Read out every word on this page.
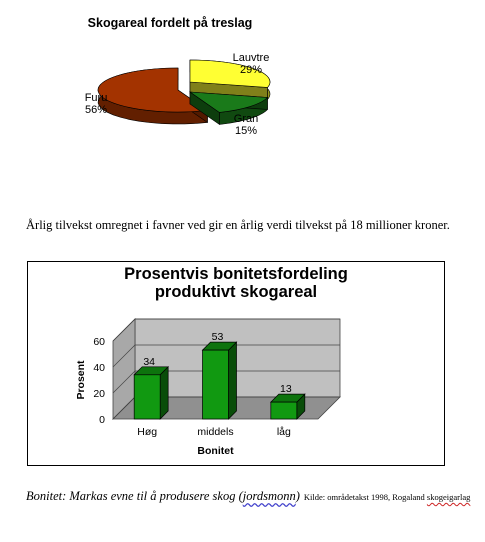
Skogareal fordelt på treslag
Lauvtre
29%
Gran
15%
Furu
56%
Årlig tilvekst omregnet i favner ved gir en årlig verdi tilvekst på 18 millioner kroner.
Prosentvis bonitetsfordeling
produktivt skogareal
0
20
40
60
Prosent	34
Høg
53
middels
13
låg
Bonitet
Bonitet: Markas evne til å produsere skog (jordsmonn) Kilde: områdetakst 1998, Rogaland skogeigarlag
